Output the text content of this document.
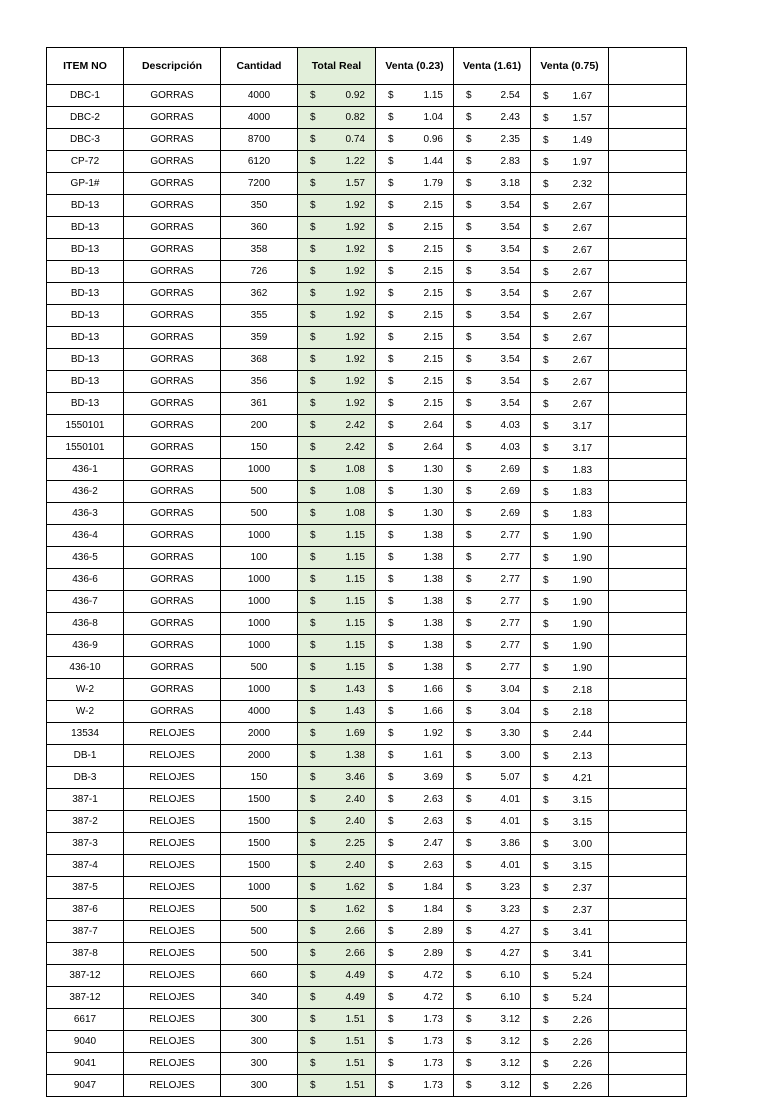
ITEM NO	Descripción	Cantidad	Total Real	Venta (0.23)	Venta (1.61)	Venta (0.75)	
DBC-1	GORRAS	4000	$ 0.92	$ 1.15	$ 2.54	$ 1.67	

DBC-2	GORRAS	4000	$ 0.82	$ 1.04	$ 2.43	$ 1.57	

DBC-3	GORRAS	8700	$ 0.74	$ 0.96	$ 2.35	$ 1.49	

CP-72	GORRAS	6120	$ 1.22	$ 1.44	$ 2.83	$ 1.97	

GP-1#	GORRAS	7200	$ 1.57	$ 1.79	$ 3.18	$ 2.32	

BD-13	GORRAS	350	$ 1.92	$ 2.15	$ 3.54	$ 2.67	

BD-13	GORRAS	360	$ 1.92	$ 2.15	$ 3.54	$ 2.67	

BD-13	GORRAS	358	$ 1.92	$ 2.15	$ 3.54	$ 2.67	

BD-13	GORRAS	726	$ 1.92	$ 2.15	$ 3.54	$ 2.67	

BD-13	GORRAS	362	$ 1.92	$ 2.15	$ 3.54	$ 2.67	

BD-13	GORRAS	355	$ 1.92	$ 2.15	$ 3.54	$ 2.67	

BD-13	GORRAS	359	$ 1.92	$ 2.15	$ 3.54	$ 2.67	

BD-13	GORRAS	368	$ 1.92	$ 2.15	$ 3.54	$ 2.67	

BD-13	GORRAS	356	$ 1.92	$ 2.15	$ 3.54	$ 2.67	

BD-13	GORRAS	361	$ 1.92	$ 2.15	$ 3.54	$ 2.67	

1550101	GORRAS	200	$ 2.42	$ 2.64	$ 4.03	$ 3.17	

1550101	GORRAS	150	$ 2.42	$ 2.64	$ 4.03	$ 3.17	

436-1	GORRAS	1000	$ 1.08	$ 1.30	$ 2.69	$ 1.83	

436-2	GORRAS	500	$ 1.08	$ 1.30	$ 2.69	$ 1.83	

436-3	GORRAS	500	$ 1.08	$ 1.30	$ 2.69	$ 1.83	

436-4	GORRAS	1000	$ 1.15	$ 1.38	$ 2.77	$ 1.90	

436-5	GORRAS	100	$ 1.15	$ 1.38	$ 2.77	$ 1.90	

436-6	GORRAS	1000	$ 1.15	$ 1.38	$ 2.77	$ 1.90	

436-7	GORRAS	1000	$ 1.15	$ 1.38	$ 2.77	$ 1.90	

436-8	GORRAS	1000	$ 1.15	$ 1.38	$ 2.77	$ 1.90	

436-9	GORRAS	1000	$ 1.15	$ 1.38	$ 2.77	$ 1.90	

436-10	GORRAS	500	$ 1.15	$ 1.38	$ 2.77	$ 1.90	

W-2	GORRAS	1000	$ 1.43	$ 1.66	$ 3.04	$ 2.18	

W-2	GORRAS	4000	$ 1.43	$ 1.66	$ 3.04	$ 2.18	

13534	RELOJES	2000	$ 1.69	$ 1.92	$ 3.30	$ 2.44	

DB-1	RELOJES	2000	$ 1.38	$ 1.61	$ 3.00	$ 2.13	

DB-3	RELOJES	150	$ 3.46	$ 3.69	$ 5.07	$ 4.21	

387-1	RELOJES	1500	$ 2.40	$ 2.63	$ 4.01	$ 3.15	

387-2	RELOJES	1500	$ 2.40	$ 2.63	$ 4.01	$ 3.15	

387-3	RELOJES	1500	$ 2.25	$ 2.47	$ 3.86	$ 3.00	

387-4	RELOJES	1500	$ 2.40	$ 2.63	$ 4.01	$ 3.15	

387-5	RELOJES	1000	$ 1.62	$ 1.84	$ 3.23	$ 2.37	

387-6	RELOJES	500	$ 1.62	$ 1.84	$ 3.23	$ 2.37	

387-7	RELOJES	500	$ 2.66	$ 2.89	$ 4.27	$ 3.41	

387-8	RELOJES	500	$ 2.66	$ 2.89	$ 4.27	$ 3.41	

387-12	RELOJES	660	$ 4.49	$ 4.72	$ 6.10	$ 5.24	

387-12	RELOJES	340	$ 4.49	$ 4.72	$ 6.10	$ 5.24	

6617	RELOJES	300	$ 1.51	$ 1.73	$ 3.12	$ 2.26	

9040	RELOJES	300	$ 1.51	$ 1.73	$ 3.12	$ 2.26	

9041	RELOJES	300	$ 1.51	$ 1.73	$ 3.12	$ 2.26	

9047	RELOJES	300	$ 1.51	$ 1.73	$ 3.12	$ 2.26	
